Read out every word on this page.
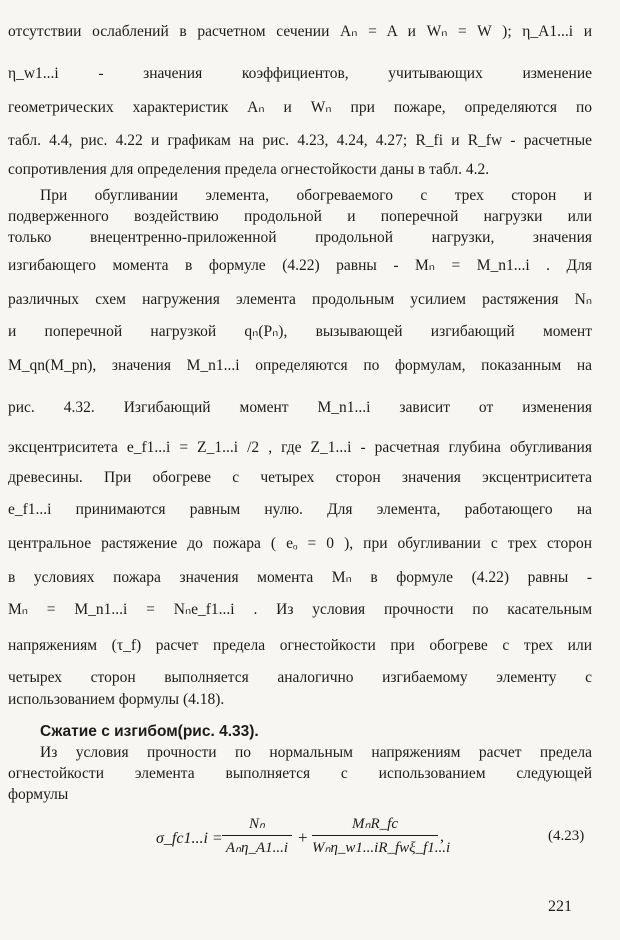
отсутствии ослаблений в расчетном сечении Aₙ = A и Wₙ = W ); η_A1...i и
η_w1...i - значения коэффициентов, учитывающих изменение
геометрических характеристик Aₙ и Wₙ при пожаре, определяются по
табл. 4.4, рис. 4.22 и графикам на рис. 4.23, 4.24, 4.27; R_fi и R_fw - расчетные
сопротивления для определения предела огнестойкости даны в табл. 4.2.
При обугливании элемента, обогреваемого с трех сторон и
подверженного воздействию продольной и поперечной нагрузки или
только внецентренно-приложенной продольной нагрузки, значения
изгибающего момента в формуле (4.22) равны - Mₙ = M_n1...i . Для
различных схем нагружения элемента продольным усилием растяжения Nₙ
и поперечной нагрузкой qₙ(Pₙ), вызывающей изгибающий момент
M_qn(M_pn), значения M_n1...i определяются по формулам, показанным на
рис. 4.32. Изгибающий момент M_n1...i зависит от изменения
эксцентриситета e_f1...i = Z_1...i /2 , где Z_1...i - расчетная глубина обугливания
древесины. При обогреве с четырех сторон значения эксцентриситета
e_f1...i принимаются равным нулю. Для элемента, работающего на
центральное растяжение до пожара ( eₒ = 0 ), при обугливании с трех сторон
в условиях пожара значения момента Mₙ в формуле (4.22) равны -
Mₙ = M_n1...i = Nₙe_f1...i . Из условия прочности по касательным
напряжениям (τ_f) расчет предела огнестойкости при обогреве с трех или
четырех сторон выполняется аналогично изгибаемому элементу с
использованием формулы (4.18).
Сжатие с изгибом(рис. 4.33).
Из условия прочности по нормальным напряжениям расчет предела
огнестойкости элемента выполняется с использованием следующей
формулы
σ_fc1...i =
Nₙ
Aₙη_A1...i
+
MₙR_fc
Wₙη_w1...iR_fwξ_f1...i
,	(4.23)
221
